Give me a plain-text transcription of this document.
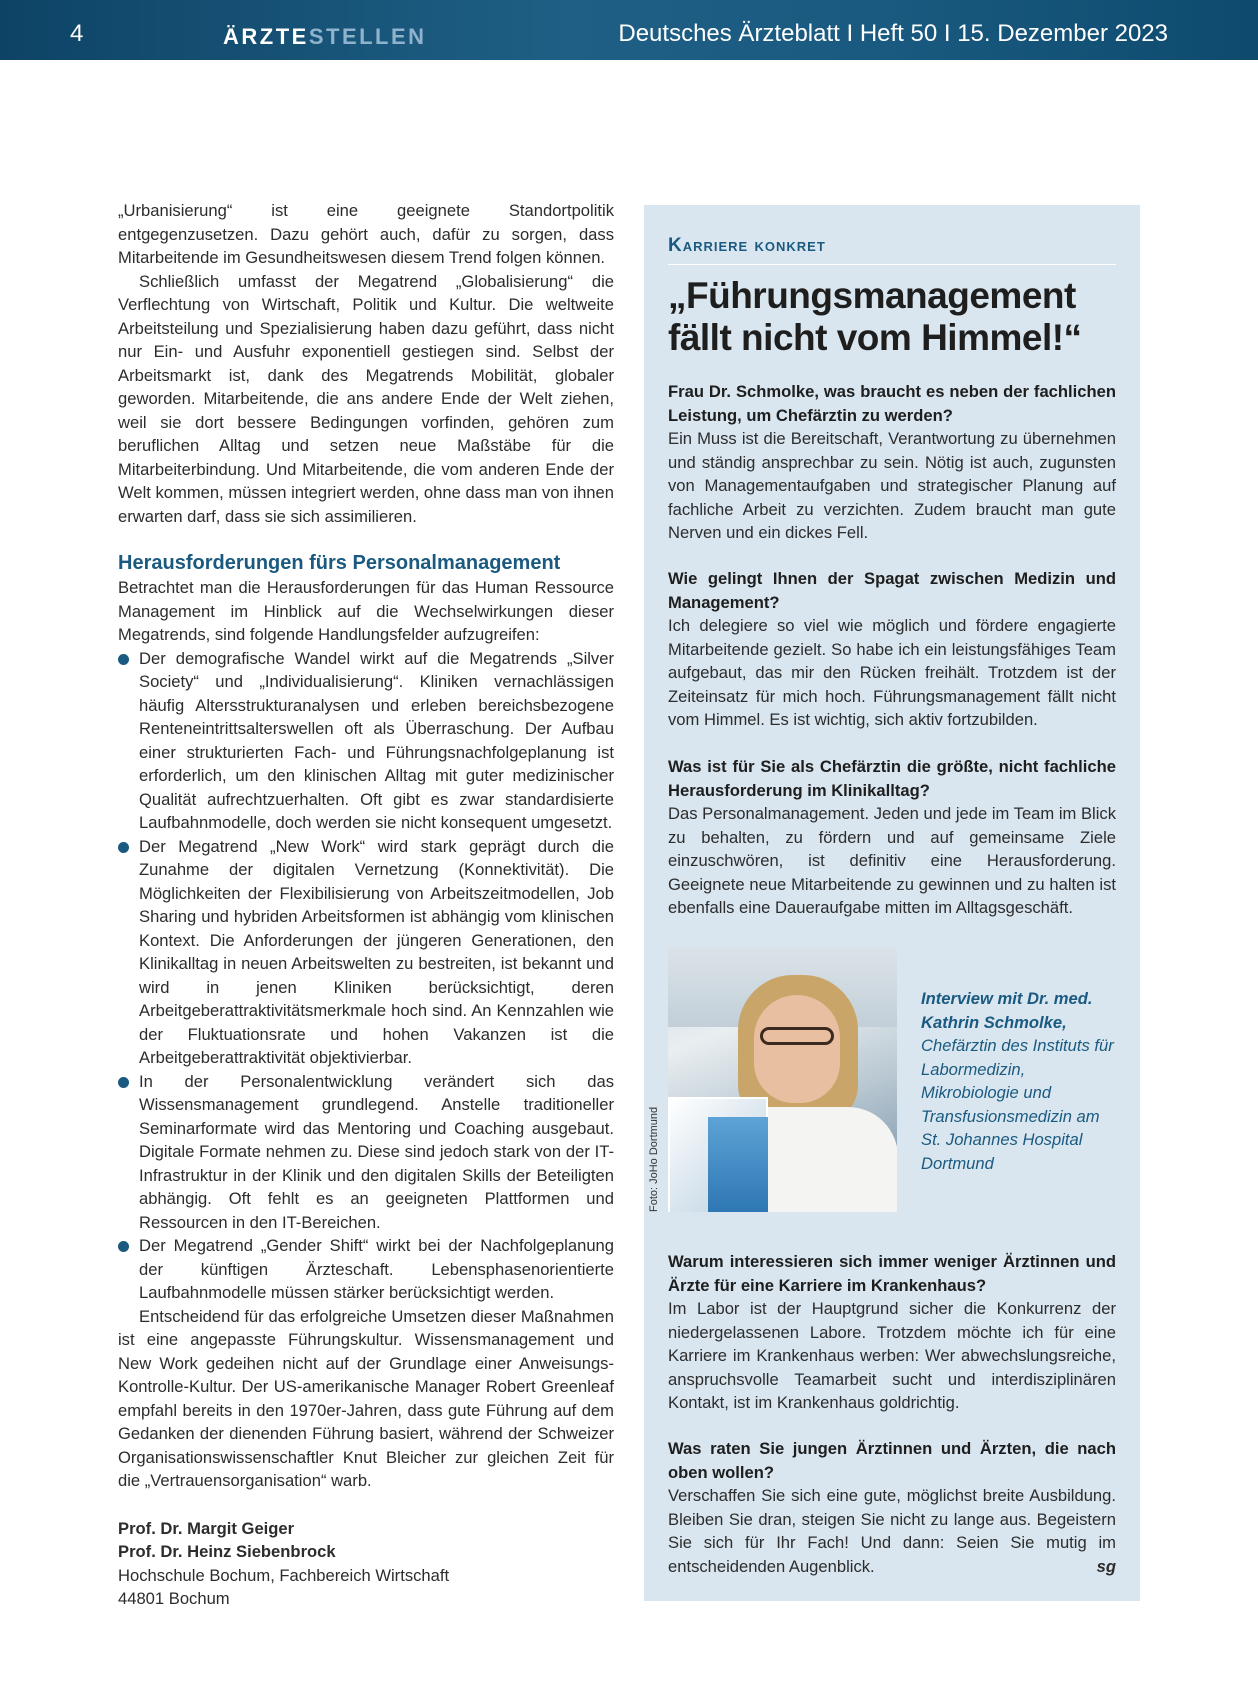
4	ÄRZTESTELLEN	Deutsches Ärzteblatt I Heft 50 I 15. Dezember 2023

„Urbanisierung“ ist eine geeignete Standortpolitik entgegenzusetzen. Dazu gehört auch, dafür zu sorgen, dass Mitarbeitende im Gesundheitswesen diesem Trend folgen können.

Schließlich umfasst der Megatrend „Globalisierung“ die Verflechtung von Wirtschaft, Politik und Kultur. Die weltweite Arbeitsteilung und Spezialisierung haben dazu geführt, dass nicht nur Ein- und Ausfuhr exponentiell gestiegen sind. Selbst der Arbeitsmarkt ist, dank des Megatrends Mobilität, globaler geworden. Mitarbeitende, die ans andere Ende der Welt ziehen, weil sie dort bessere Bedingungen vorfinden, gehören zum beruflichen Alltag und setzen neue Maßstäbe für die Mitarbeiterbindung. Und Mitarbeitende, die vom anderen Ende der Welt kommen, müssen integriert werden, ohne dass man von ihnen erwarten darf, dass sie sich assimilieren.

Herausforderungen fürs Personalmanagement

Betrachtet man die Herausforderungen für das Human Ressource Management im Hinblick auf die Wechselwirkungen dieser Megatrends, sind folgende Handlungsfelder aufzugreifen:

Der demografische Wandel wirkt auf die Megatrends „Silver Society“ und „Individualisierung“. Kliniken vernachlässigen häufig Altersstrukturanalysen und erleben bereichsbezogene Renteneintrittsalterswellen oft als Überraschung. Der Aufbau einer strukturierten Fach- und Führungsnachfolgeplanung ist erforderlich, um den klinischen Alltag mit guter medizinischer Qualität aufrechtzuerhalten. Oft gibt es zwar standardisierte Laufbahnmodelle, doch werden sie nicht konsequent umgesetzt.
Der Megatrend „New Work“ wird stark geprägt durch die Zunahme der digitalen Vernetzung (Konnektivität). Die Möglichkeiten der Flexibilisierung von Arbeitszeitmodellen, Job Sharing und hybriden Arbeitsformen ist abhängig vom klinischen Kontext. Die Anforderungen der jüngeren Generationen, den Klinikalltag in neuen Arbeitswelten zu bestreiten, ist bekannt und wird in jenen Kliniken berücksichtigt, deren Arbeitgeberattraktivitätsmerkmale hoch sind. An Kennzahlen wie der Fluktuationsrate und hohen Vakanzen ist die Arbeitgeberattraktivität objektivierbar.
In der Personalentwicklung verändert sich das Wissensmanagement grundlegend. Anstelle traditioneller Seminarformate wird das Mentoring und Coaching ausgebaut. Digitale Formate nehmen zu. Diese sind jedoch stark von der IT-Infrastruktur in der Klinik und den digitalen Skills der Beteiligten abhängig. Oft fehlt es an geeigneten Plattformen und Ressourcen in den IT-Bereichen.
Der Megatrend „Gender Shift“ wirkt bei der Nachfolgeplanung der künftigen Ärzteschaft. Lebensphasenorientierte Laufbahnmodelle müssen stärker berücksichtigt werden.

Entscheidend für das erfolgreiche Umsetzen dieser Maßnahmen ist eine angepasste Führungskultur. Wissensmanagement und New Work gedeihen nicht auf der Grundlage einer Anweisungs-Kontrolle-Kultur. Der US-amerikanische Manager Robert Greenleaf empfahl bereits in den 1970er-Jahren, dass gute Führung auf dem Gedanken der dienenden Führung basiert, während der Schweizer Organisationswissenschaftler Knut Bleicher zur gleichen Zeit für die „Vertrauensorganisation“ warb.

Prof. Dr. Margit Geiger
Prof. Dr. Heinz Siebenbrock
Hochschule Bochum, Fachbereich Wirtschaft
44801 Bochum
Karriere konkret
„Führungsmanagement fällt nicht vom Himmel!“
Frau Dr. Schmolke, was braucht es neben der fachlichen Leistung, um Chefärztin zu werden?
Ein Muss ist die Bereitschaft, Verantwortung zu übernehmen und ständig ansprechbar zu sein. Nötig ist auch, zugunsten von Managementaufgaben und strategischer Planung auf fachliche Arbeit zu verzichten. Zudem braucht man gute Nerven und ein dickes Fell.
Wie gelingt Ihnen der Spagat zwischen Medizin und Management?
Ich delegiere so viel wie möglich und fördere engagierte Mitarbeitende gezielt. So habe ich ein leistungsfähiges Team aufgebaut, das mir den Rücken freihält. Trotzdem ist der Zeiteinsatz für mich hoch. Führungsmanagement fällt nicht vom Himmel. Es ist wichtig, sich aktiv fortzubilden.
Was ist für Sie als Chefärztin die größte, nicht fachliche Herausforderung im Klinikalltag?
Das Personalmanagement. Jeden und jede im Team im Blick zu behalten, zu fördern und auf gemeinsame Ziele einzuschwören, ist definitiv eine Herausforderung. Geeignete neue Mitarbeitende zu gewinnen und zu halten ist ebenfalls eine Daueraufgabe mitten im Alltagsgeschäft.
Foto: JoHo Dortmund
Interview mit Dr. med. Kathrin Schmolke, Chefärztin des Instituts für Labormedizin, Mikrobiologie und Transfusionsmedizin am St. Johannes Hospital Dortmund
Warum interessieren sich immer weniger Ärztinnen und Ärzte für eine Karriere im Krankenhaus?
Im Labor ist der Hauptgrund sicher die Konkurrenz der niedergelassenen Labore. Trotzdem möchte ich für eine Karriere im Krankenhaus werben: Wer abwechslungsreiche, anspruchsvolle Teamarbeit sucht und interdisziplinären Kontakt, ist im Krankenhaus goldrichtig.
Was raten Sie jungen Ärztinnen und Ärzten, die nach oben wollen?
Verschaffen Sie sich eine gute, möglichst breite Ausbildung. Bleiben Sie dran, steigen Sie nicht zu lange aus. Begeistern Sie sich für Ihr Fach! Und dann: Seien Sie mutig im entscheidenden Augenblick.	sg
